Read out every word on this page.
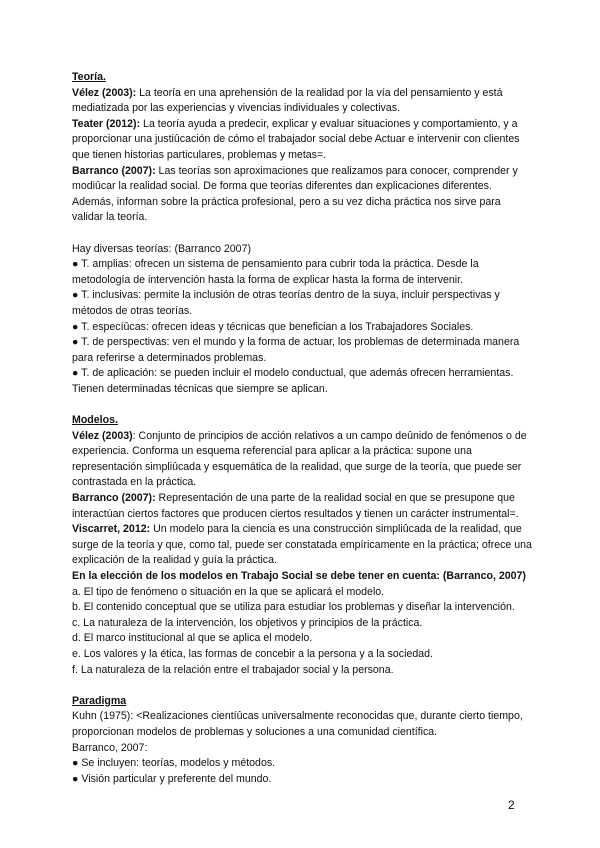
Teoría.

Vélez (2003): La teoría en una aprehensión de la realidad por la vía del pensamiento y está mediatizada por las experiencias y vivencias individuales y colectivas.

Teater (2012): La teoría ayuda a predecir, explicar y evaluar situaciones y comportamiento, y a proporcionar una justiûcación de cómo el trabajador social debe Actuar e intervenir con clientes que tienen historias particulares, problemas y metas=.

Barranco (2007): Las teorías son aproximaciones que realizamos para conocer, comprender y modiûcar la realidad social. De forma que teorías diferentes dan explicaciones diferentes. Además, informan sobre la práctica profesional, pero a su vez dicha práctica nos sirve para validar la teoría.

Hay diversas teorías: (Barranco 2007)

● T. amplias: ofrecen un sistema de pensamiento para cubrir toda la práctica. Desde la metodología de intervención hasta la forma de explicar hasta la forma de intervenir.

● T. inclusivas: permite la inclusión de otras teorías dentro de la suya, incluir perspectivas y métodos de otras teorías.

● T. especíûcas: ofrecen ideas y técnicas que benefician a los Trabajadores Sociales.

● T. de perspectivas: ven el mundo y la forma de actuar, los problemas de determinada manera para referirse a determinados problemas.

● T. de aplicación: se pueden incluir el modelo conductual, que además ofrecen herramientas. Tienen determinadas técnicas que siempre se aplican.

Modelos.

Vélez (2003): Conjunto de principios de acción relativos a un campo deûnido de fenómenos o de experiencia. Conforma un esquema referencial para aplicar a la práctica: supone una representación simpliûcada y esquemática de la realidad, que surge de la teoría, que puede ser contrastada en la práctica.

Barranco (2007): Representación de una parte de la realidad social en que se presupone que interactúan ciertos factores que producen ciertos resultados y tienen un carácter instrumental=.

Viscarret, 2012: Un modelo para la ciencia es una construcción simpliûcada de la realidad, que surge de la teoría y que, como tal, puede ser constatada empíricamente en la práctica; ofrece una explicación de la realidad y guía la práctica.

En la elección de los modelos en Trabajo Social se debe tener en cuenta: (Barranco, 2007) a. El tipo de fenómeno o situación en la que se aplicará el modelo.

b. El contenido conceptual que se utiliza para estudiar los problemas y diseñar la intervención.

c. La naturaleza de la intervención, los objetivos y principios de la práctica.

d. El marco institucional al que se aplica el modelo.

e. Los valores y la ética, las formas de concebir a la persona y a la sociedad.

f. La naturaleza de la relación entre el trabajador social y la persona.

Paradigma

Kuhn (1975): <Realizaciones cientíûcas universalmente reconocidas que, durante cierto tiempo, proporcionan modelos de problemas y soluciones a una comunidad científica.

Barranco, 2007:

● Se incluyen: teorías, modelos y métodos.

● Visión particular y preferente del mundo.

2
